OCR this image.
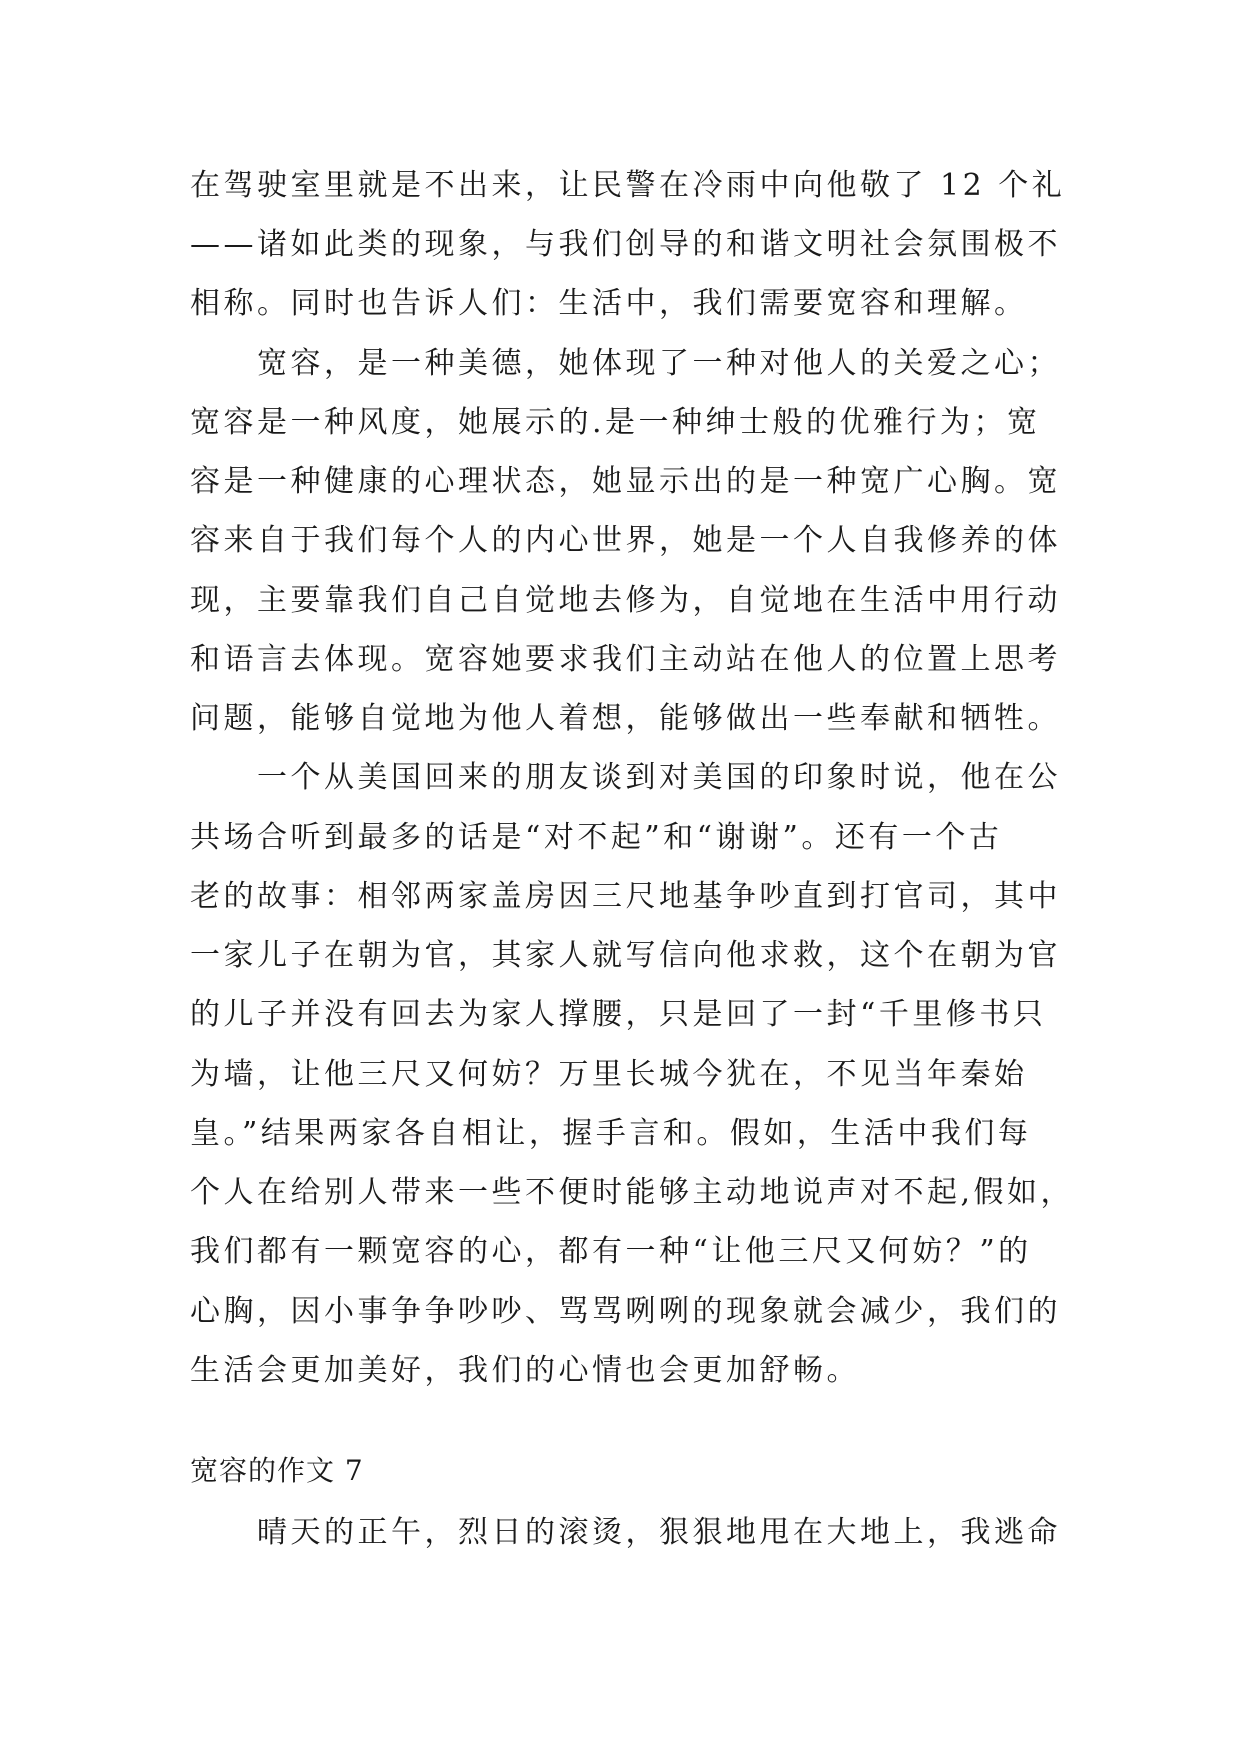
在驾驶室里就是不出来，让民警在冷雨中向他敬了 12 个礼
——诸如此类的现象，与我们创导的和谐文明社会氛围极不
相称。同时也告诉人们：生活中，我们需要宽容和理解。
　　宽容，是一种美德，她体现了一种对他人的关爱之心；
宽容是一种风度，她展示的.是一种绅士般的优雅行为；宽
容是一种健康的心理状态，她显示出的是一种宽广心胸。宽
容来自于我们每个人的内心世界，她是一个人自我修养的体
现，主要靠我们自己自觉地去修为，自觉地在生活中用行动
和语言去体现。宽容她要求我们主动站在他人的位置上思考
问题，能够自觉地为他人着想，能够做出一些奉献和牺牲。
　　一个从美国回来的朋友谈到对美国的印象时说，他在公
共场合听到最多的话是“对不起”和“谢谢”。还有一个古
老的故事：相邻两家盖房因三尺地基争吵直到打官司，其中
一家儿子在朝为官，其家人就写信向他求救，这个在朝为官
的儿子并没有回去为家人撑腰，只是回了一封“千里修书只
为墙，让他三尺又何妨？万里长城今犹在，不见当年秦始
皇。”结果两家各自相让，握手言和。假如，生活中我们每
个人在给别人带来一些不便时能够主动地说声对不起,假如，
我们都有一颗宽容的心，都有一种“让他三尺又何妨？”的
心胸，因小事争争吵吵、骂骂咧咧的现象就会减少，我们的
生活会更加美好，我们的心情也会更加舒畅。
宽容的作文 7
　　晴天的正午，烈日的滚烫，狠狠地甩在大地上，我逃命
